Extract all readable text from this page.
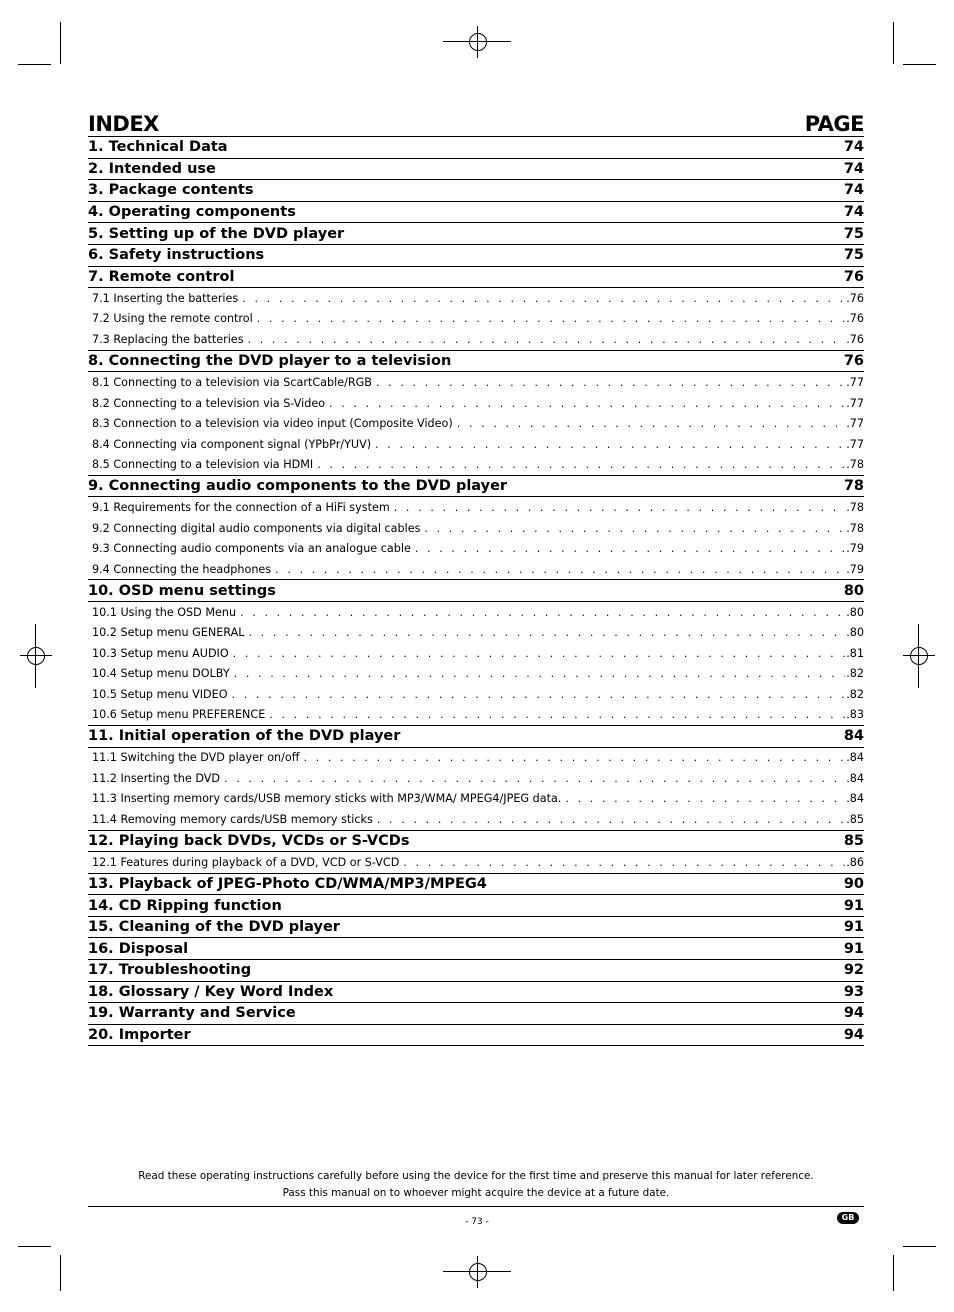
INDEX	PAGE
1. Technical Data	74
2. Intended use	74
3. Package contents	74
4. Operating components	74
5. Setting up of the DVD player	75
6. Safety instructions	75
7. Remote control	76
7.1 Inserting the batteries . . .	.76
7.2 Using the remote control . . .	.76
7.3 Replacing the batteries . . .	.76
8. Connecting the DVD player to a television	76
8.1 Connecting to a television via ScartCable/RGB . . .	.77
8.2 Connecting to a television via S-Video . . .	.77
8.3 Connection to a television via video input (Composite Video) . . .	.77
8.4 Connecting via component signal (YPbPr/YUV) . . .	.77
8.5 Connecting to a television via HDMI . . .	.78
9. Connecting audio components to the DVD player	78
9.1 Requirements for the connection of a HiFi system . . .	.78
9.2 Connecting digital audio components via digital cables . . .	.78
9.3 Connecting audio components via an analogue cable . . .	.79
9.4 Connecting the headphones . . .	.79
10. OSD menu settings	80
10.1 Using the OSD Menu . . .	.80
10.2 Setup menu GENERAL . . .	.80
10.3 Setup menu AUDIO . . .	.81
10.4 Setup menu DOLBY . . .	.82
10.5 Setup menu VIDEO . . .	.82
10.6 Setup menu PREFERENCE . . .	.83
11. Initial operation of the DVD player	84
11.1 Switching the DVD player on/off . . .	.84
11.2 Inserting the DVD . . .	.84
11.3 Inserting memory cards/USB memory sticks with MP3/WMA/ MPEG4/JPEG data. . . .	.84
11.4 Removing memory cards/USB memory sticks . . .	.85
12. Playing back DVDs, VCDs or S-VCDs	85
12.1 Features during playback of a DVD, VCD or S-VCD . . .	.86
13. Playback of JPEG-Photo CD/WMA/MP3/MPEG4	90
14. CD Ripping function	91
15. Cleaning of the DVD player	91
16. Disposal	91
17. Troubleshooting	92
18. Glossary / Key Word Index	93
19. Warranty and Service	94
20. Importer	94
Read these operating instructions carefully before using the device for the first time and preserve this manual for later reference.
Pass this manual on to whoever might acquire the device at a future date.
- 73 -	GB
